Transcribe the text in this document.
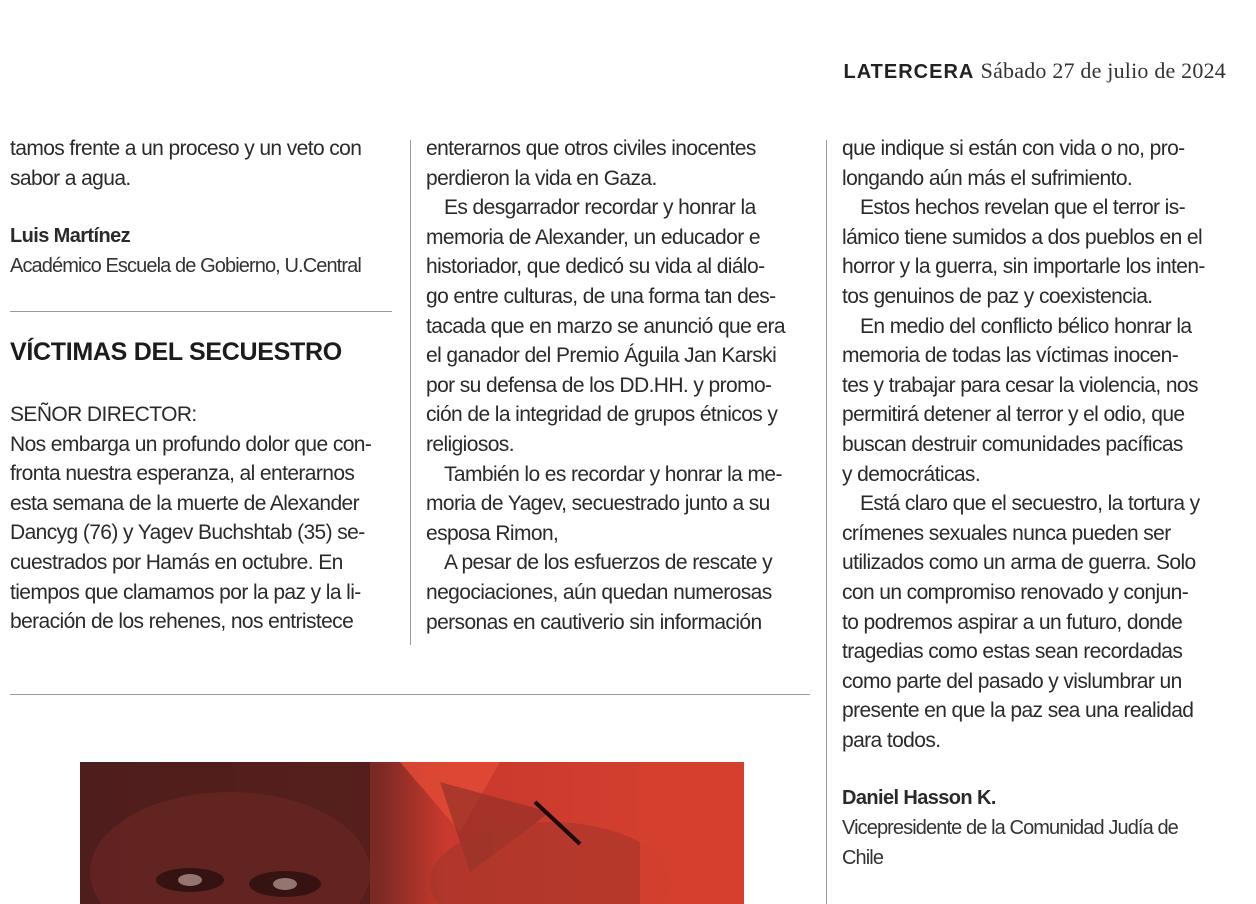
LATERCERA Sábado 27 de julio de 2024

tamos frente a un proceso y un veto con

sabor a agua.

Luis Martínez

Académico Escuela de Gobierno, U.Central

VÍCTIMAS DEL SECUESTRO

SEÑOR DIRECTOR:

Nos embarga un profundo dolor que con-

fronta nuestra esperanza, al enterarnos

esta semana de la muerte de Alexander

Dancyg (76) y Yagev Buchshtab (35) se-

cuestrados por Hamás en octubre. En

tiempos que clamamos por la paz y la li-

beración de los rehenes, nos entristece

enterarnos que otros civiles inocentes

perdieron la vida en Gaza.

Es desgarrador recordar y honrar la

memoria de Alexander, un educador e

historiador, que dedicó su vida al diálo-

go entre culturas, de una forma tan des-

tacada que en marzo se anunció que era

el ganador del Premio Águila Jan Karski

por su defensa de los DD.HH. y promo-

ción de la integridad de grupos étnicos y

religiosos.

También lo es recordar y honrar la me-

moria de Yagev, secuestrado junto a su

esposa Rimon,

A pesar de los esfuerzos de rescate y

negociaciones, aún quedan numerosas

personas en cautiverio sin información

que indique si están con vida o no, pro-

longando aún más el sufrimiento.

Estos hechos revelan que el terror is-

lámico tiene sumidos a dos pueblos en el

horror y la guerra, sin importarle los inten-

tos genuinos de paz y coexistencia.

En medio del conflicto bélico honrar la

memoria de todas las víctimas inocen-

tes y trabajar para cesar la violencia, nos

permitirá detener al terror y el odio, que

buscan destruir comunidades pacíficas

y democráticas.

Está claro que el secuestro, la tortura y

crímenes sexuales nunca pueden ser

utilizados como un arma de guerra. Solo

con un compromiso renovado y conjun-

to podremos aspirar a un futuro, donde

tragedias como estas sean recordadas

como parte del pasado y vislumbrar un

presente en que la paz sea una realidad

para todos.

Daniel Hasson K.

Vicepresidente de la Comunidad Judía de

Chile
